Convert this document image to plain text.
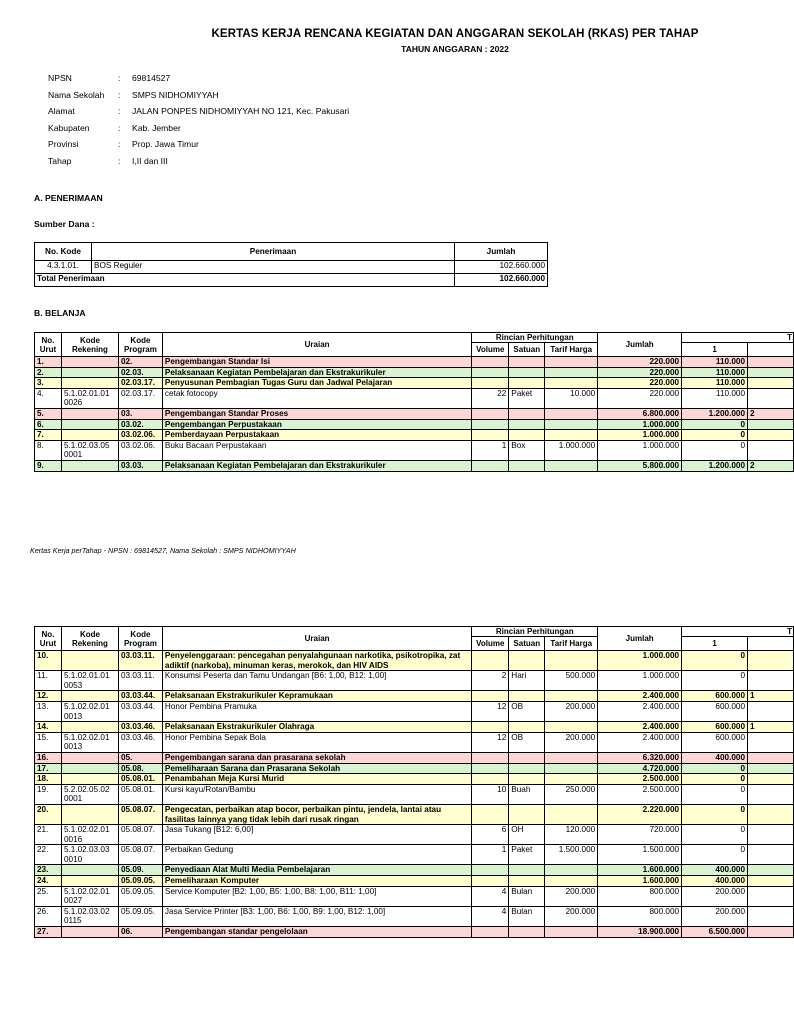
KERTAS KERJA RENCANA KEGIATAN DAN ANGGARAN SEKOLAH (RKAS) PER TAHAP
TAHUN ANGGARAN : 2022
NPSN	:	69814527
Nama Sekolah	:	SMPS NIDHOMIYYAH
Alamat	:	JALAN PONPES NIDHOMIYYAH NO 121, Kec. Pakusari
Kabupaten	:	Kab. Jember
Provinsi	:	Prop. Jawa Timur
Tahap	:	I,II dan III
A. PENERIMAAN
Sumber Dana :
No. Kode	Penerimaan	Jumlah
4.3.1.01.	BOS Reguler	102.660.000
Total Penerimaan		102.660.000
B. BELANJA
No. Urut	Kode Rekening	Kode Program	Uraian	Rincian Perhitungan			Jumlah	T	
				Volume	Satuan	Tarif Harga		1	
1.		02.	Pengembangan Standar Isi				220.000	110.000	
2.		02.03.	Pelaksanaan Kegiatan Pembelajaran dan Ekstrakurikuler				220.000	110.000	
3.		02.03.17.	Penyusunan Pembagian Tugas Guru dan Jadwal Pelajaran				220.000	110.000	
4.	5.1.02.01.01 0026	02.03.17.	cetak fotocopy	22	Paket	10.000	220.000	110.000	
5.		03.	Pengembangan Standar Proses				6.800.000	1.200.000	2
6.		03.02.	Pengembangan Perpustakaan				1.000.000	0	
7.		03.02.06.	Pemberdayaan Perpustakaan				1.000.000	0	
8.	5.1.02.03.05 0001	03.02.06.	Buku Bacaan Perpustakaan	1	Box	1.000.000	1.000.000	0	
9.		03.03.	Pelaksanaan Kegiatan Pembelajaran dan Ekstrakurikuler				5.800.000	1.200.000	2
Kertas Kerja perTahap - NPSN : 69814527, Nama Sekolah : SMPS NIDHOMIYYAH
No. Urut	Kode Rekening	Kode Program	Uraian	Rincian Perhitungan			Jumlah	T	
				Volume	Satuan	Tarif Harga		1	
10.		03.03.11.	Penyelenggaraan: pencegahan penyalahgunaan narkotika, psikotropika, zat adiktif (narkoba), minuman keras, merokok, dan HIV AIDS				1.000.000	0	
11.	5.1.02.01.01 0053	03.03.11.	Konsumsi Peserta dan Tamu Undangan [B6: 1,00, B12: 1,00]	2	Hari	500.000	1.000.000	0	
12.		03.03.44.	Pelaksanaan Ekstrakurikuler Kepramukaan				2.400.000	600.000	1
13.	5.1.02.02.01 0013	03.03.44.	Honor Pembina Pramuka	12	OB	200.000	2.400.000	600.000	
14.		03.03.46.	Pelaksanaan Ekstrakurikuler Olahraga				2.400.000	600.000	1
15.	5.1.02.02.01 0013	03.03.46.	Honor Pembina Sepak Bola	12	OB	200.000	2.400.000	600.000	
16.		05.	Pengembangan sarana dan prasarana sekolah				6.320.000	400.000	
17.		05.08.	Pemeliharaan Sarana dan Prasarana Sekolah				4.720.000	0	
18.		05.08.01.	Penambahan Meja Kursi Murid				2.500.000	0	
19.	5.2.02.05.02 0001	05.08.01.	Kursi kayu/Rotan/Bambu	10	Buah	250.000	2.500.000	0	
20.		05.08.07.	Pengecatan, perbaikan atap bocor, perbaikan pintu, jendela, lantai atau fasilitas lainnya yang tidak lebih dari rusak ringan				2.220.000	0	
21.	5.1.02.02.01 0016	05.08.07.	Jasa Tukang [B12: 6,00]	6	OH	120.000	720.000	0	
22.	5.1.02.03.03 0010	05.08.07.	Perbaikan Gedung	1	Paket	1.500.000	1.500.000	0	
23.		05.09.	Penyediaan Alat Multi Media Pembelajaran				1.600.000	400.000	
24.		05.09.05.	Pemeliharaan Komputer				1.600.000	400.000	
25.	5.1.02.02.01 0027	05.09.05.	Service Komputer [B2: 1,00, B5: 1,00, B8: 1,00, B11: 1,00]	4	Bulan	200.000	800.000	200.000	
26.	5.1.02.03.02 0115	05.09.05.	Jasa Service Printer [B3: 1,00, B6: 1,00, B9: 1,00, B12: 1,00]	4	Bulan	200.000	800.000	200.000	
27.		06.	Pengembangan standar pengelolaan				18.900.000	6.500.000	
